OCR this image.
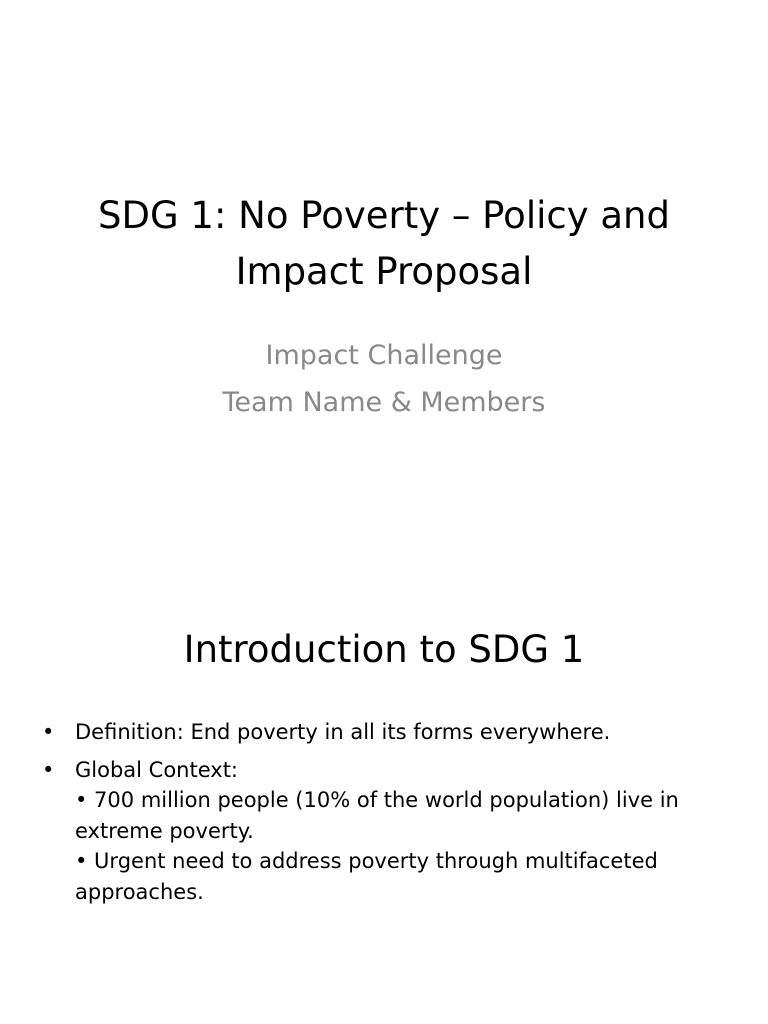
SDG 1: No Poverty – Policy and
Impact Proposal
Impact Challenge
Team Name & Members
Introduction to SDG 1
• Definition: End poverty in all its forms everywhere.
• Global Context:
• 700 million people (10% of the world population) live in
extreme poverty.
• Urgent need to address poverty through multifaceted
approaches.
